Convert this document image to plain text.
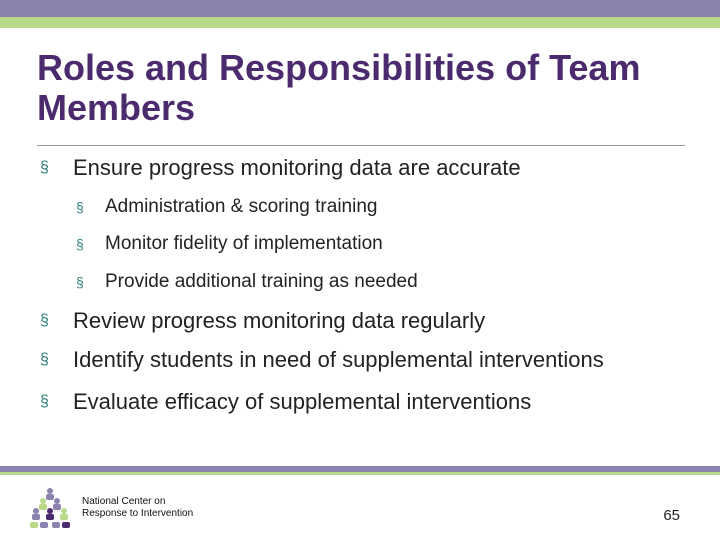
Roles and Responsibilities of Team Members
§	Ensure progress monitoring data are accurate
§	Administration & scoring training
§	Monitor fidelity of implementation
§	Provide additional training as needed
§	Review progress monitoring data regularly
§	Identify students in need of supplemental interventions
§	Evaluate efficacy of supplemental interventions
National Center on
Response to Intervention	65
